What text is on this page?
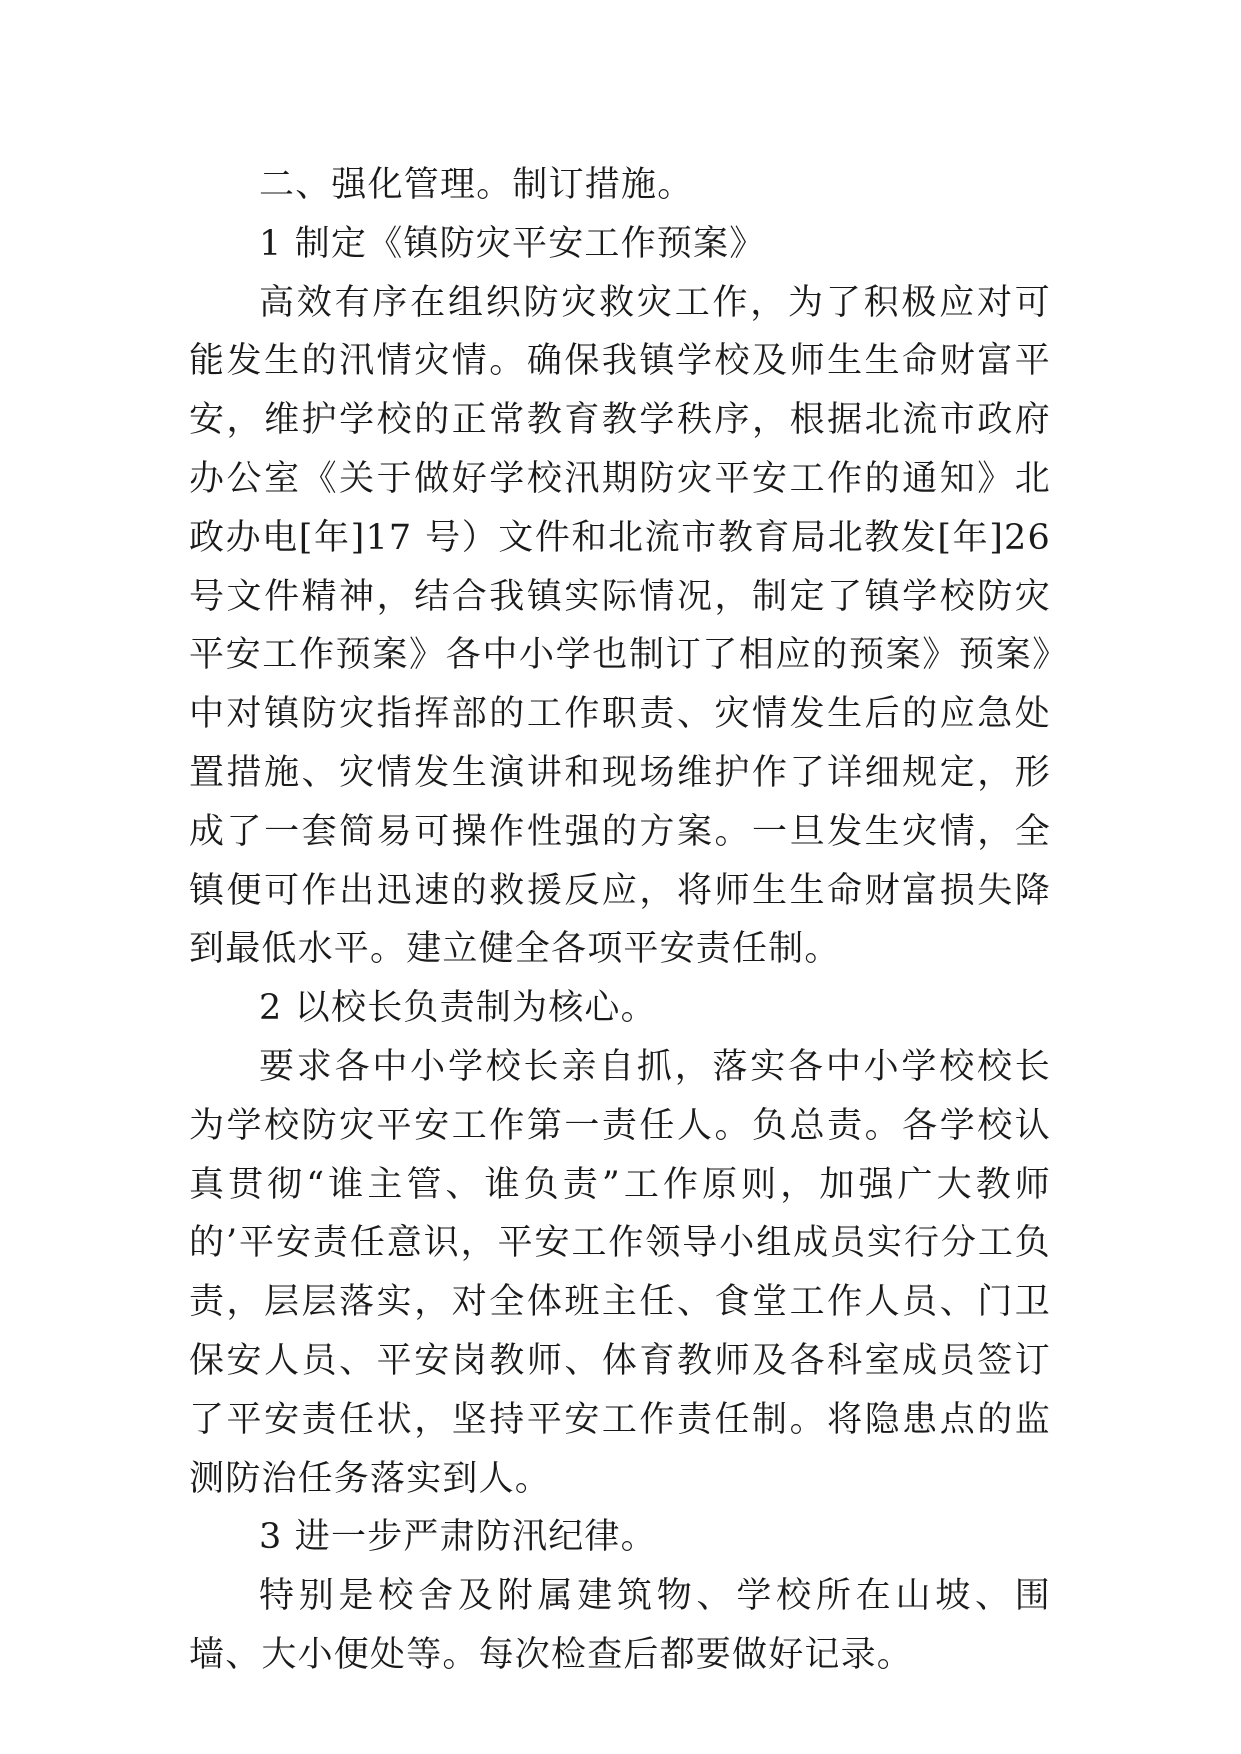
二、强化管理。制订措施。

1 制定《镇防灾平安工作预案》

高效有序在组织防灾救灾工作，为了积极应对可能发生的汛情灾情。确保我镇学校及师生生命财富平安，维护学校的正常教育教学秩序，根据北流市政府办公室《关于做好学校汛期防灾平安工作的通知》北政办电[年]17 号）文件和北流市教育局北教发[年]26 号文件精神，结合我镇实际情况，制定了镇学校防灾平安工作预案》各中小学也制订了相应的预案》预案》中对镇防灾指挥部的工作职责、灾情发生后的应急处置措施、灾情发生演讲和现场维护作了详细规定，形成了一套简易可操作性强的方案。一旦发生灾情，全镇便可作出迅速的救援反应，将师生生命财富损失降到最低水平。建立健全各项平安责任制。

2 以校长负责制为核心。

要求各中小学校长亲自抓，落实各中小学校校长为学校防灾平安工作第一责任人。负总责。各学校认真贯彻“谁主管、谁负责”工作原则，加强广大教师的’平安责任意识，平安工作领导小组成员实行分工负责，层层落实，对全体班主任、食堂工作人员、门卫保安人员、平安岗教师、体育教师及各科室成员签订了平安责任状，坚持平安工作责任制。将隐患点的监测防治任务落实到人。

3 进一步严肃防汛纪律。

特别是校舍及附属建筑物、学校所在山坡、围墙、大小便处等。每次检查后都要做好记录。
